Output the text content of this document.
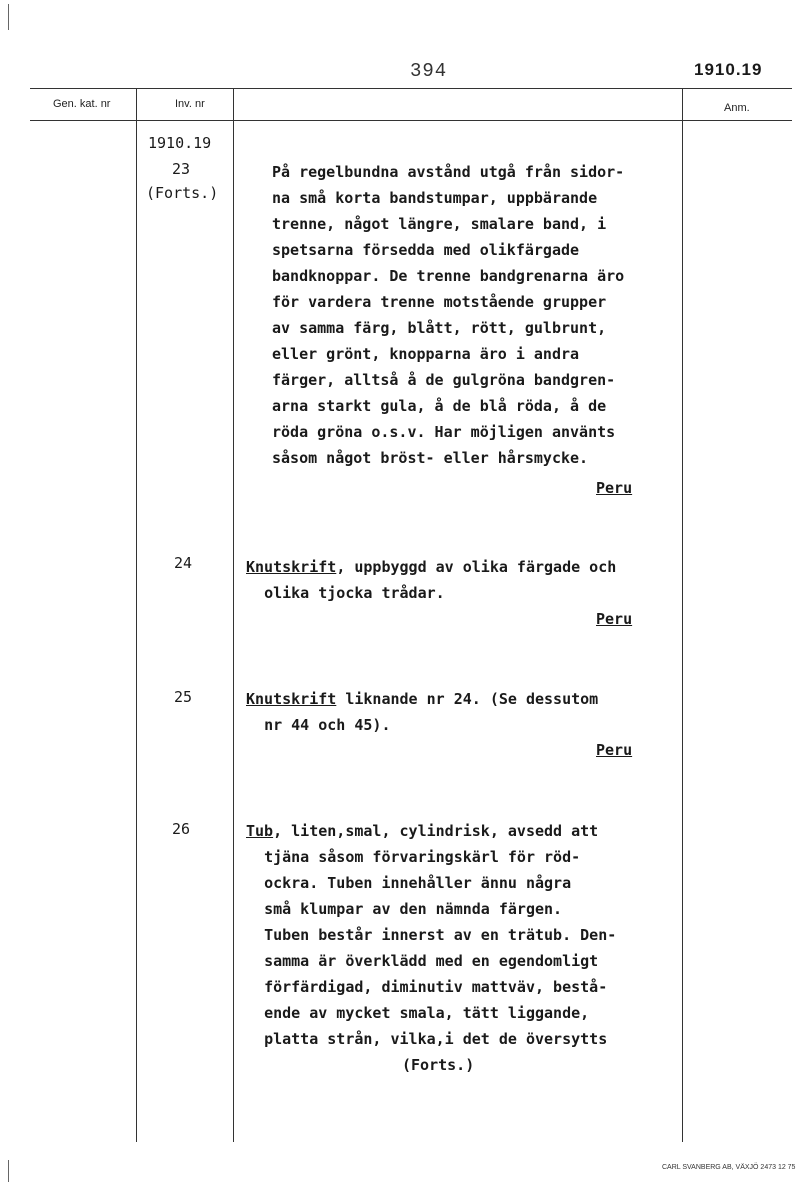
394	1910.19
Gen. kat. nr	Inv. nr	Anm.
1910.19
23
(Forts.)
På regelbundna avstånd utgå från sidor-
na små korta bandstumpar, uppbärande
trenne, något längre, smalare band, i
spetsarna försedda med olikfärgade
bandknoppar. De trenne bandgrenarna äro
för vardera trenne motstående grupper
av samma färg, blått, rött, gulbrunt,
eller grönt, knopparna äro i andra
färger, alltså å de gulgröna bandgren-
arna starkt gula, å de blå röda, å de
röda gröna o.s.v. Har möjligen använts
såsom något bröst- eller hårsmycke.
Peru
24	Knutskrift, uppbyggd av olika färgade och
olika tjocka trådar.
Peru
25	Knutskrift liknande nr 24. (Se dessutom
nr 44 och 45).
Peru
26	Tub, liten,smal, cylindrisk, avsedd att
tjäna såsom förvaringskärl för röd-
ockra. Tuben innehåller ännu några
små klumpar av den nämnda färgen.
Tuben består innerst av en trätub. Den-
samma är överklädd med en egendomligt
förfärdigad, diminutiv mattväv, bestå-
ende av mycket smala, tätt liggande,
platta strån, vilka,i det de översytts
(Forts.)
CARL SVANBERG AB, VÄXJÖ 2473 12 75
